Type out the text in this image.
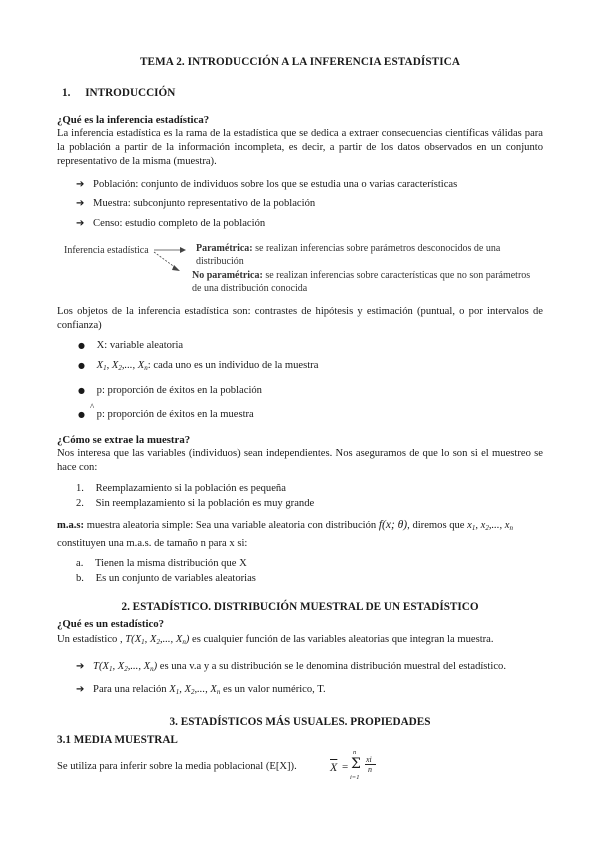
TEMA 2. INTRODUCCIÓN A LA INFERENCIA ESTADÍSTICA
1. INTRODUCCIÓN
¿Qué es la inferencia estadística?
La inferencia estadística es la rama de la estadística que se dedica a extraer consecuencias científicas válidas para la población a partir de la información incompleta, es decir, a partir de los datos observados en un conjunto representativo de la misma (muestra).
➔ Población: conjunto de individuos sobre los que se estudia una o varias características
➔ Muestra: subconjunto representativo de la población
➔ Censo: estudio completo de la población
Inferencia estadística	Paramétrica: se realizan inferencias sobre parámetros desconocidos de una distribución
No paramétrica: se realizan inferencias sobre características que no son parámetros de una distribución conocida
Los objetos de la inferencia estadística son: contrastes de hipótesis y estimación (puntual, o por intervalos de confianza)
● X: variable aleatoria
● $X_1$, $X_2$,..., $X_n$: cada uno es un individuo de la muestra
● p: proporción de éxitos en la población
^
● p: proporción de éxitos en la muestra
¿Cómo se extrae la muestra?
Nos interesa que las variables (individuos) sean independientes. Nos aseguramos de que lo son si el muestreo se hace con:
1. Reemplazamiento si la población es pequeña
2. Sin reemplazamiento si la población es muy grande
m.a.s: muestra aleatoria simple: Sea una variable aleatoria con distribución f(x; θ), diremos que $x_1$, $x_2$,..., $x_n$
constituyen una m.a.s. de tamaño n para x si:
a. Tienen la misma distribución que X
b. Es un conjunto de variables aleatorias
2. ESTADÍSTICO. DISTRIBUCIÓN MUESTRAL DE UN ESTADÍSTICO
¿Qué es un estadístico?
Un estadístico , $T(X_1$, $X_2$,..., $X_n$) es cualquier función de las variables aleatorias que integran la muestra.
➔ $T(X_1$, $X_2$,..., $X_n$) es una v.a y a su distribución se le denomina distribución muestral del estadístico.
➔ Para una relación $X_1$, $X_2$,..., $X_n$ es un valor numérico, T.
3. ESTADÍSTICOS MÁS USUALES. PROPIEDADES
3.1 MEDIA MUESTRAL
Se utiliza para inferir sobre la media poblacional (E[X]).	$\overline{X}$ =
n
Σ
i=1
xi
n
